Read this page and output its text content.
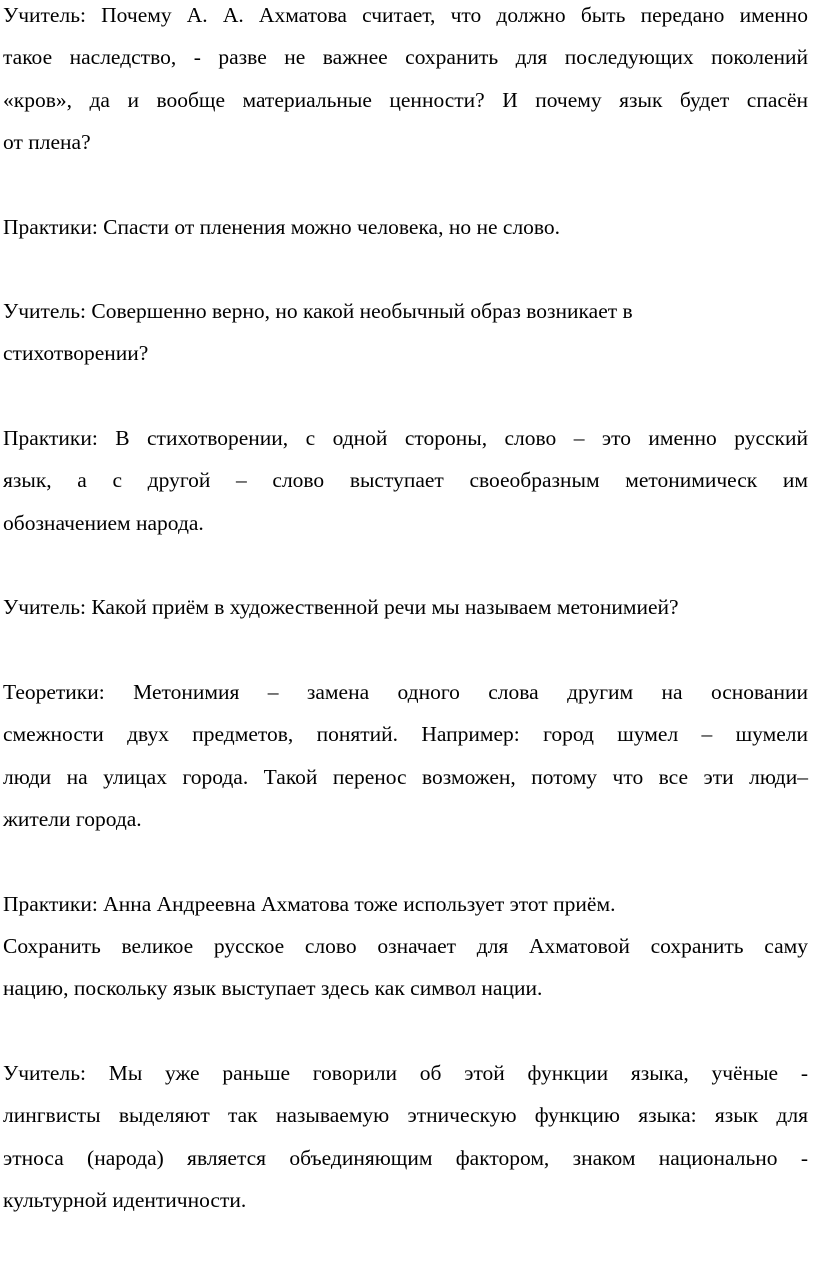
Учитель: Почему А. А. Ахматова считает, что должно быть передано именно
такое наследство, - разве не важнее сохранить для последующих поколений
«кров», да и вообще материальные ценности? И почему язык будет спасён
от плена?
Практики: Спасти от пленения можно человека, но не слово.
Учитель: Совершенно верно, но какой необычный образ возникает в
стихотворении?
Практики: В стихотворении, с одной стороны, слово – это именно русский
язык, а с другой – слово выступает своеобразным метонимическ им
обозначением народа.
Учитель: Какой приём в художественной речи мы называем метонимией?
Теоретики: Метонимия – замена одного слова другим на основании
смежности двух предметов, понятий. Например: город шумел – шумели
люди на улицах города. Такой перенос возможен, потому что все эти люди–
жители города.
Практики: Анна Андреевна Ахматова тоже использует этот приём.
Сохранить великое русское слово означает для Ахматовой сохранить саму
нацию, поскольку язык выступает здесь как символ нации.
Учитель: Мы уже раньше говорили об этой функции языка, учёные -
лингвисты выделяют так называемую этническую функцию языка: язык для
этноса (народа) является объединяющим фактором, знаком национально -
культурной идентичности.
